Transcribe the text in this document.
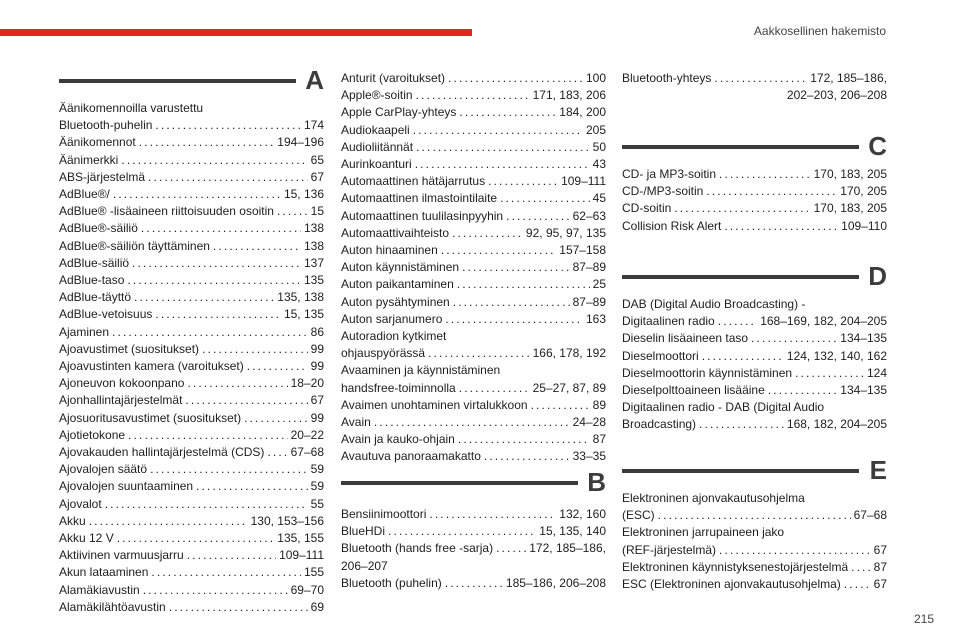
Aakkosellinen hakemisto
A
Äänikomennoilla varustettu
Bluetooth-puhelin . . .	174
Äänikomennot . . .	194–196
Äänimerkki . . .	65
ABS-järjestelmä . . .	67
AdBlue®/ . . .	15, 136
AdBlue® -lisäaineen riittoisuuden osoitin . . .	15
AdBlue®-säiliö . . .	138
AdBlue®-säiliön täyttäminen . . .	138
AdBlue-säiliö . . .	137
AdBlue-taso . . .	135
AdBlue-täyttö . . .	135, 138
AdBlue-vetoisuus . . .	15, 135
Ajaminen . . .	86
Ajoavustimet (suositukset) . . .	99
Ajoavustinten kamera (varoitukset) . . .	99
Ajoneuvon kokoonpano . . .	18–20
Ajonhallintajärjestelmät . . .	67
Ajosuoritusavustimet (suositukset) . . .	99
Ajotietokone . . .	20–22
Ajovakauden hallintajärjestelmä (CDS) . . . 67–68
Ajovalojen säätö . . .	59
Ajovalojen suuntaaminen . . .	59
Ajovalot . . .	55
Akku . . .	130, 153–156
Akku 12 V . . .	135, 155
Aktiivinen varmuusjarru . . .	109–111
Akun lataaminen . . .	155
Alamäkiavustin . . .	69–70
Alamäkilähtöavustin . . .	69
Anturit (varoitukset) . . .	100
Apple®-soitin . . .	171, 183, 206
Apple CarPlay-yhteys . . .	184, 200
Audiokaapeli . . .	205
Audioliitännät . . .	50
Aurinkoanturi . . .	43
Automaattinen hätäjarrutus . . .	109–111
Automaattinen ilmastointilaite . . .	45
Automaattinen tuulilasinpyyhin . . .	62–63
Automaattivaihteisto . . .	92, 95, 97, 135
Auton hinaaminen . . .	157–158
Auton käynnistäminen . . .	87–89
Auton paikantaminen . . .	25
Auton pysähtyminen . . .	87–89
Auton sarjanumero . . .	163
Autoradion kytkimet
ohjauspyörässä . . .	166, 178, 192
Avaaminen ja käynnistäminen
handsfree-toiminnolla . . .	25–27, 87, 89
Avaimen unohtaminen virtalukkoon . . .	89
Avain . . .	24–28
Avain ja kauko-ohjain . . .	87
Avautuva panoraamakatto . . .	33–35
B
Bensiinimoottori . . .	132, 160
BlueHDi . . .	15, 135, 140
Bluetooth (hands free -sarja) . . .	172, 185–186,
206–207
Bluetooth (puhelin) . . .	185–186, 206–208
Bluetooth-yhteys . . .	172, 185–186,
202–203, 206–208
C
CD- ja MP3-soitin . . .	170, 183, 205
CD-/MP3-soitin . . .	170, 205
CD-soitin . . .	170, 183, 205
Collision Risk Alert . . .	109–110
D
DAB (Digital Audio Broadcasting) -
Digitaalinen radio . . .	168–169, 182, 204–205
Dieselin lisäaineen taso . . .	134–135
Dieselmoottori . . .	124, 132, 140, 162
Dieselmoottorin käynnistäminen . . .	124
Dieselpolttoaineen lisääine . . .	134–135
Digitaalinen radio - DAB (Digital Audio
Broadcasting) . . .	168, 182, 204–205
E
Elektroninen ajonvakautusohjelma
(ESC) . . .	67–68
Elektroninen jarrupaineen jako
(REF-järjestelmä) . . .	67
Elektroninen käynnistyksenestojärjestelmä . . . 87
ESC (Elektroninen ajonvakautusohjelma) . . .	67
215
